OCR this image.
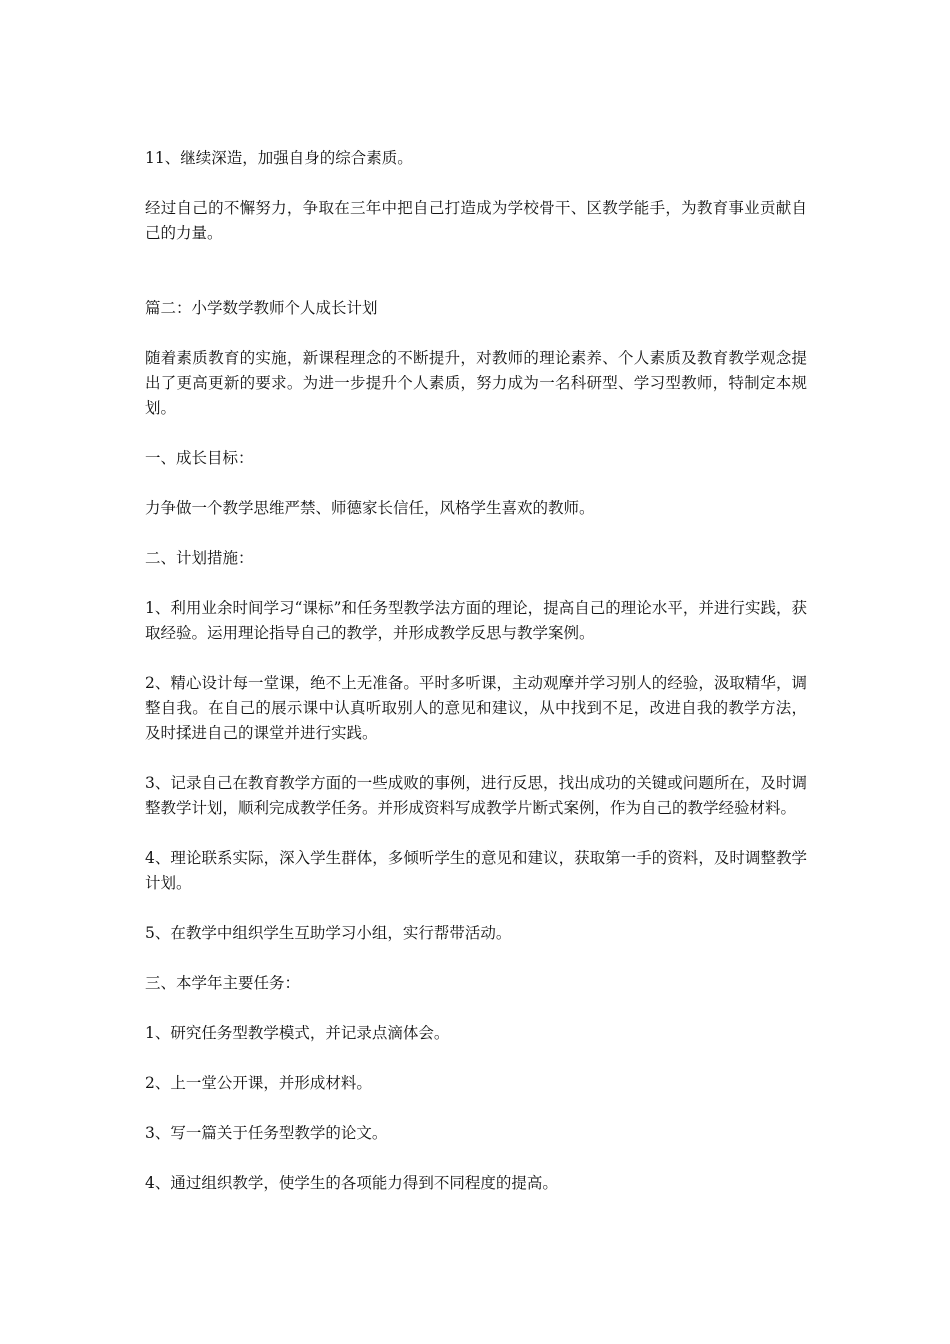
11、继续深造，加强自身的综合素质。

经过自己的不懈努力，争取在三年中把自己打造成为学校骨干、区教学能手，为教育事业贡献自己的力量。

篇二：小学数学教师个人成长计划

随着素质教育的实施，新课程理念的不断提升，对教师的理论素养、个人素质及教育教学观念提出了更高更新的要求。为进一步提升个人素质，努力成为一名科研型、学习型教师，特制定本规划。

一、成长目标：

力争做一个教学思维严禁、师德家长信任，风格学生喜欢的教师。

二、计划措施：

1、利用业余时间学习“课标”和任务型教学法方面的理论，提高自己的理论水平，并进行实践，获取经验。运用理论指导自己的教学，并形成教学反思与教学案例。

2、精心设计每一堂课，绝不上无准备。平时多听课，主动观摩并学习别人的经验，汲取精华，调整自我。在自己的展示课中认真听取别人的意见和建议，从中找到不足，改进自我的教学方法，及时揉进自己的课堂并进行实践。

3、记录自己在教育教学方面的一些成败的事例，进行反思，找出成功的关键或问题所在，及时调整教学计划，顺利完成教学任务。并形成资料写成教学片断式案例，作为自己的教学经验材料。

4、理论联系实际，深入学生群体，多倾听学生的意见和建议，获取第一手的资料，及时调整教学计划。

5、在教学中组织学生互助学习小组，实行帮带活动。

三、本学年主要任务：

1、研究任务型教学模式，并记录点滴体会。

2、上一堂公开课，并形成材料。

3、写一篇关于任务型教学的论文。

4、通过组织教学，使学生的各项能力得到不同程度的提高。
